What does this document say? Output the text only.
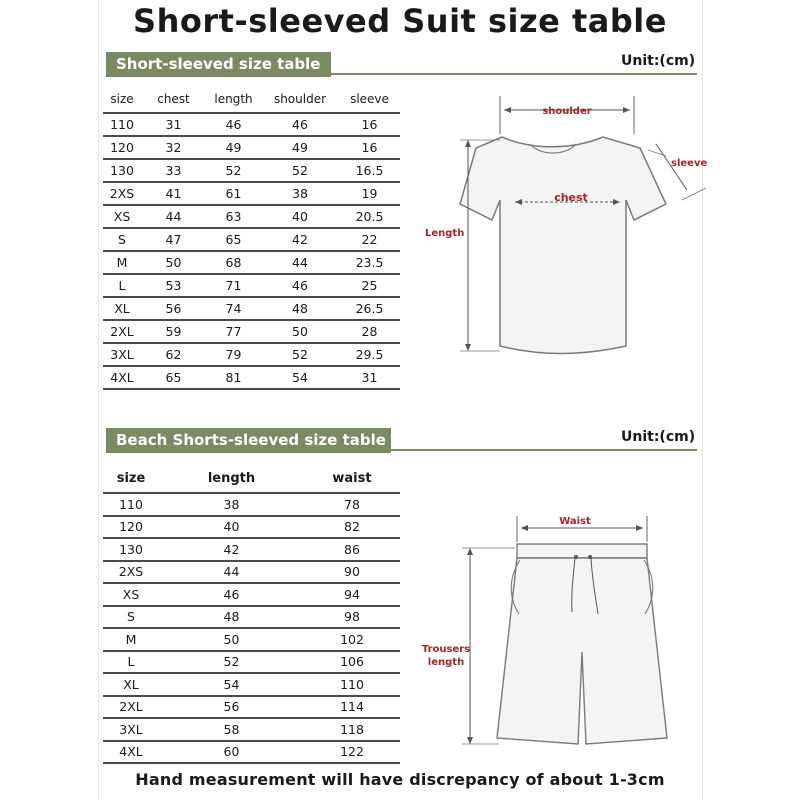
Short-sleeved Suit size table
Short-sleeved size table	Unit:(cm)
size	chest	length	shoulder	sleeve
110	31	46	46	16
120	32	49	49	16
130	33	52	52	16.5
2XS	41	61	38	19
XS	44	63	40	20.5
S	47	65	42	22
M	50	68	44	23.5
L	53	71	46	25
XL	56	74	48	26.5
2XL	59	77	50	28
3XL	62	79	52	29.5
4XL	65	81	54	31
shoulder
sleeve
chest
Length
Beach Shorts-sleeved size table	Unit:(cm)
size	length	waist
110	38	78
120	40	82
130	42	86
2XS	44	90
XS	46	94
S	48	98
M	50	102
L	52	106
XL	54	110
2XL	56	114
3XL	58	118
4XL	60	122
Waist
Trousers
length
Hand measurement will have discrepancy of about 1-3cm
